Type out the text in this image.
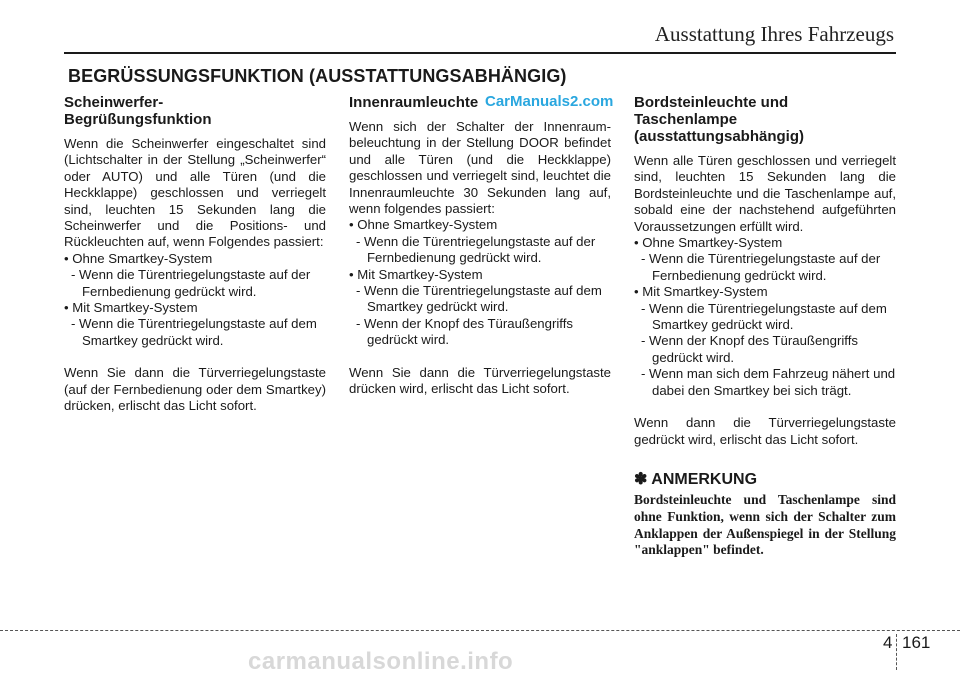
Ausstattung Ihres Fahrzeugs
BEGRÜSSUNGSFUNKTION (AUSSTATTUNGSABHÄNGIG)
Scheinwerfer-
Begrüßungsfunktion

Wenn die Scheinwerfer eingeschaltet sind (Lichtschalter in der Stellung „Scheinwerfer“ oder AUTO) und alle Türen (und die Heckklappe) geschlossen und verriegelt sind, leuchten 15 Sekunden lang die Scheinwerfer und die Positions- und Rückleuchten auf, wenn Folgendes passiert:

• Ohne Smartkey-System
- Wenn die Türentriegelungstaste auf der Fernbedienung gedrückt wird.
• Mit Smartkey-System
- Wenn die Türentriegelungstaste auf dem Smartkey gedrückt wird.

Wenn Sie dann die Türverriegelungstaste (auf der Fernbedienung oder dem Smartkey) drücken, erlischt das Licht sofort.

Innenraumleuchte CarManuals2.com

Wenn sich der Schalter der Innenraum-beleuchtung in der Stellung DOOR befindet und alle Türen (und die Heckklappe) geschlossen und verriegelt sind, leuchtet die Innenraumleuchte 30 Sekunden lang auf, wenn folgendes passiert:

• Ohne Smartkey-System
- Wenn die Türentriegelungstaste auf der Fernbedienung gedrückt wird.
• Mit Smartkey-System
- Wenn die Türentriegelungstaste auf dem Smartkey gedrückt wird.
- Wenn der Knopf des Türaußengriffs gedrückt wird.

Wenn Sie dann die Türverriegelungstaste drücken wird, erlischt das Licht sofort.

Bordsteinleuchte und
Taschenlampe
(ausstattungsabhängig)

Wenn alle Türen geschlossen und verriegelt sind, leuchten 15 Sekunden lang die Bordsteinleuchte und die Taschenlampe auf, sobald eine der nachstehend aufgeführten Voraussetzungen erfüllt wird.

• Ohne Smartkey-System
- Wenn die Türentriegelungstaste auf der Fernbedienung gedrückt wird.
• Mit Smartkey-System
- Wenn die Türentriegelungstaste auf dem Smartkey gedrückt wird.
- Wenn der Knopf des Türaußengriffs gedrückt wird.
- Wenn man sich dem Fahrzeug nähert und dabei den Smartkey bei sich trägt.

Wenn dann die Türverriegelungstaste gedrückt wird, erlischt das Licht sofort.

✽ ANMERKUNG
Bordsteinleuchte und Taschenlampe sind ohne Funktion, wenn sich der Schalter zum Anklappen der Außenspiegel in der Stellung "anklappen" befindet.
4 161
carmanualsonline.info
